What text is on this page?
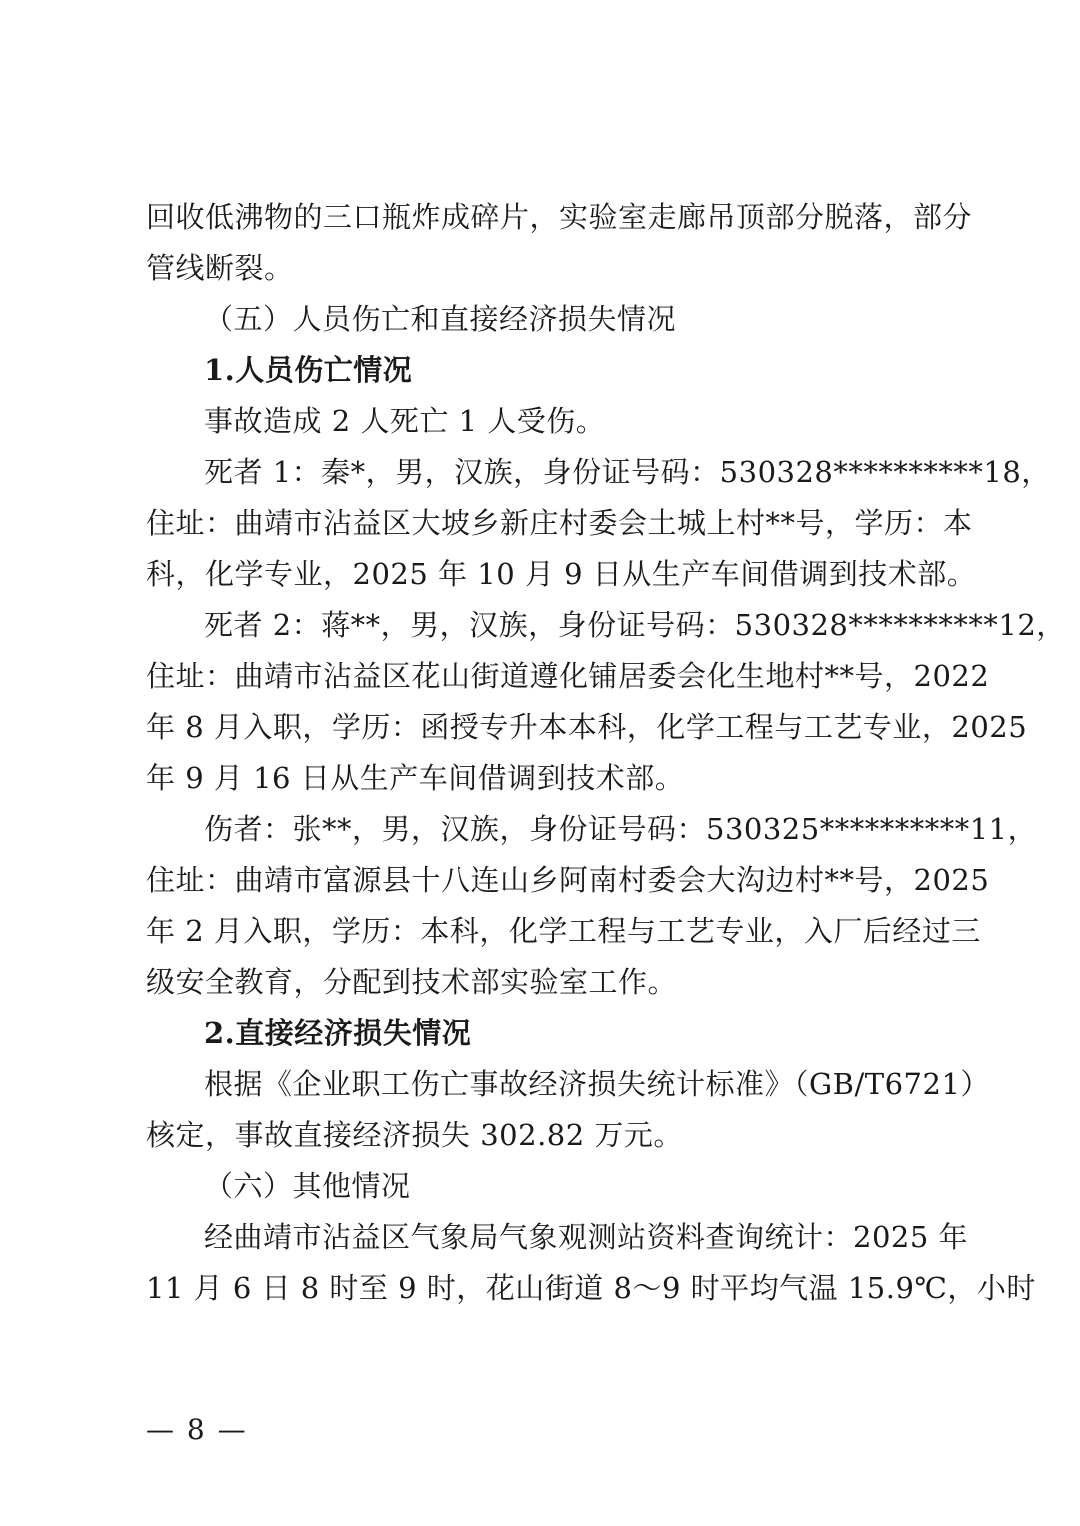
回收低沸物的三口瓶炸成碎片，实验室走廊吊顶部分脱落，部分
管线断裂。
（五）人员伤亡和直接经济损失情况
1.人员伤亡情况
事故造成 2 人死亡 1 人受伤。
死者 1：秦*，男，汉族，身份证号码：530328**********18，
住址：曲靖市沾益区大坡乡新庄村委会土城上村**号，学历：本
科，化学专业，2025 年 10 月 9 日从生产车间借调到技术部。
死者 2：蒋**，男，汉族，身份证号码：530328**********12，
住址：曲靖市沾益区花山街道遵化铺居委会化生地村**号，2022
年 8 月入职，学历：函授专升本本科，化学工程与工艺专业，2025
年 9 月 16 日从生产车间借调到技术部。
伤者：张**，男，汉族，身份证号码：530325**********11，
住址：曲靖市富源县十八连山乡阿南村委会大沟边村**号，2025
年 2 月入职，学历：本科，化学工程与工艺专业，入厂后经过三
级安全教育，分配到技术部实验室工作。
2.直接经济损失情况
根据《企业职工伤亡事故经济损失统计标准》（GB/T6721）
核定，事故直接经济损失 302.82 万元。
（六）其他情况
经曲靖市沾益区气象局气象观测站资料查询统计：2025 年
11 月 6 日 8 时至 9 时，花山街道 8～9 时平均气温 15.9℃，小时
— 8 —
